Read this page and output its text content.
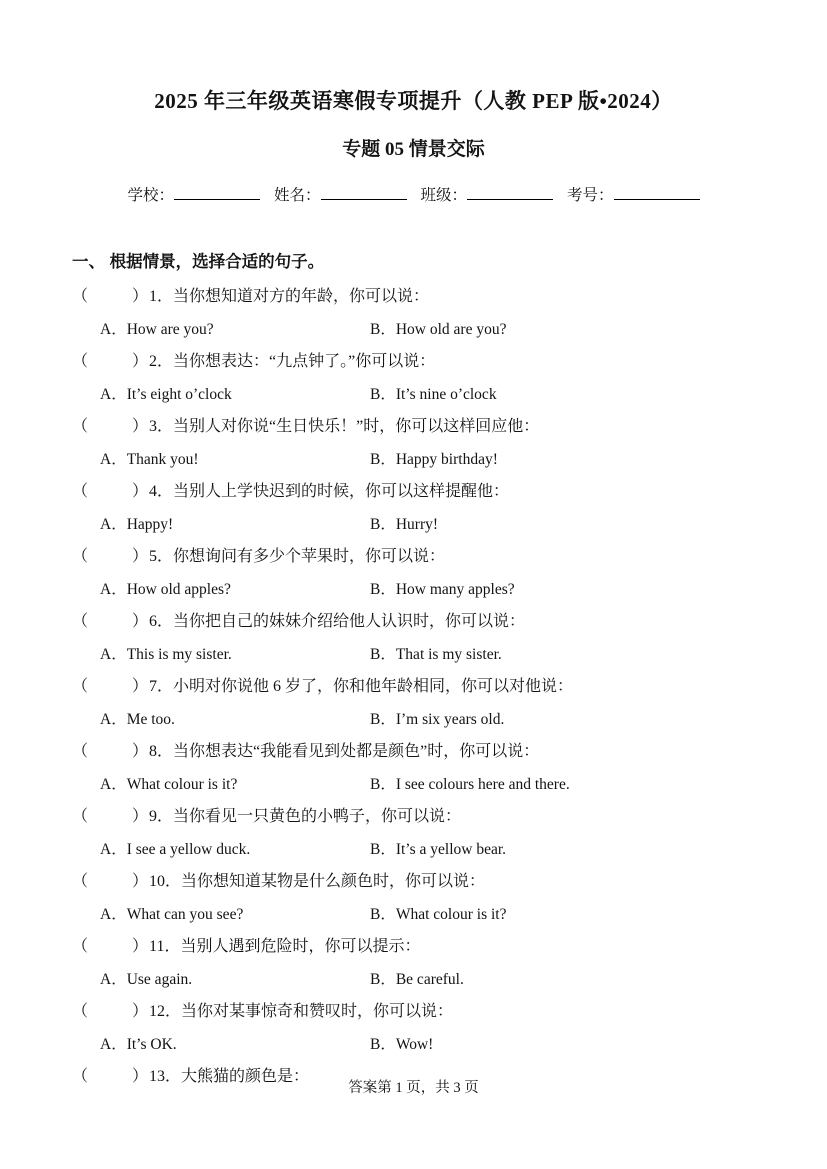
2025 年三年级英语寒假专项提升（人教 PEP 版•2024）
专题 05 情景交际
学校：	姓名：	班级：	考号：
一、 根据情景，选择合适的句子。
（	）1．当你想知道对方的年龄，你可以说：
A．How are you?	B．How old are you?
（	）2．当你想表达：“九点钟了。”你可以说：
A．It’s eight o’clock	B．It’s nine o’clock
（	）3．当别人对你说“生日快乐！”时，你可以这样回应他：
A．Thank you!	B．Happy birthday!
（	）4．当别人上学快迟到的时候，你可以这样提醒他：
A．Happy!	B．Hurry!
（	）5．你想询问有多少个苹果时，你可以说：
A．How old apples?	B．How many apples?
（	）6．当你把自己的妹妹介绍给他人认识时，你可以说：
A．This is my sister.	B．That is my sister.
（	）7．小明对你说他 6 岁了，你和他年龄相同，你可以对他说：
A．Me too.	B．I’m six years old.
（	）8．当你想表达“我能看见到处都是颜色”时，你可以说：
A．What colour is it?	B．I see colours here and there.
（	）9．当你看见一只黄色的小鸭子，你可以说：
A．I see a yellow duck.	B．It’s a yellow bear.
（	）10．当你想知道某物是什么颜色时，你可以说：
A．What can you see?	B．What colour is it?
（	）11．当别人遇到危险时，你可以提示：
A．Use again.	B．Be careful.
（	）12．当你对某事惊奇和赞叹时，你可以说：
A．It’s OK.	B．Wow!
（	）13．大熊猫的颜色是：
答案第 1 页，共 3 页
